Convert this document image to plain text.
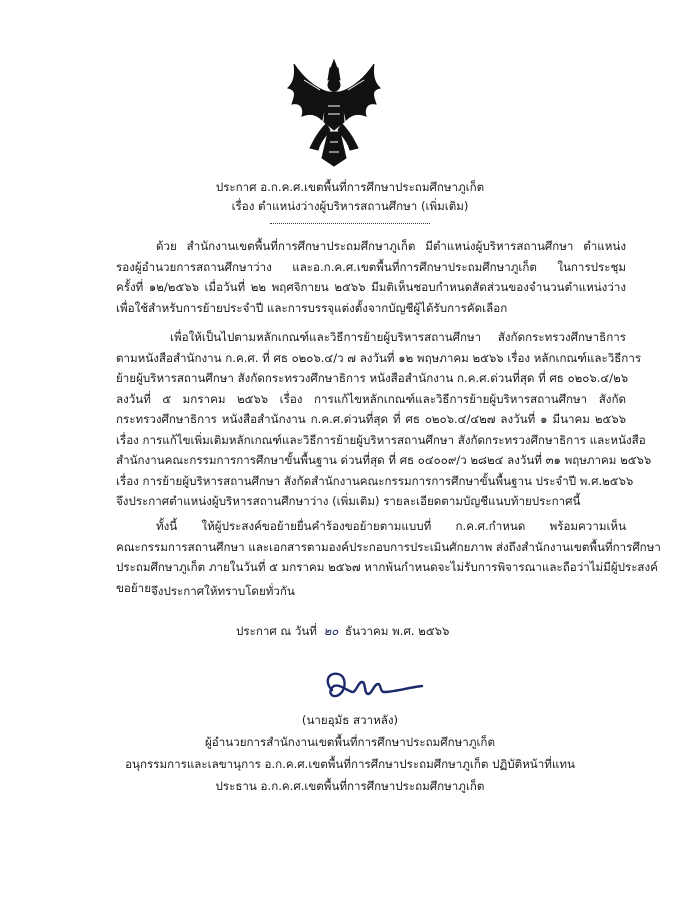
ประกาศ อ.ก.ค.ศ.เขตพื้นที่การศึกษาประถมศึกษาภูเก็ต
เรื่อง ตำแหน่งว่างผู้บริหารสถานศึกษา (เพิ่มเติม)
ด้วย สำนักงานเขตพื้นที่การศึกษาประถมศึกษาภูเก็ต มีตำแหน่งผู้บริหารสถานศึกษา ตำแหน่ง
รองผู้อำนวยการสถานศึกษาว่าง และอ.ก.ค.ศ.เขตพื้นที่การศึกษาประถมศึกษาภูเก็ต ในการประชุม
ครั้งที่ ๑๒/๒๕๖๖ เมื่อวันที่ ๒๒ พฤศจิกายน ๒๕๖๖ มีมติเห็นชอบกำหนดสัดส่วนของจำนวนตำแหน่งว่าง
เพื่อใช้สำหรับการย้ายประจำปี และการบรรจุแต่งตั้งจากบัญชีผู้ได้รับการคัดเลือก
เพื่อให้เป็นไปตามหลักเกณฑ์และวิธีการย้ายผู้บริหารสถานศึกษา สังกัดกระทรวงศึกษาธิการ
ตามหนังสือสำนักงาน ก.ค.ศ. ที่ ศธ ๐๒๐๖.๔/ว ๗ ลงวันที่ ๑๒ พฤษภาคม ๒๕๖๖ เรื่อง หลักเกณฑ์และวิธีการ
ย้ายผู้บริหารสถานศึกษา สังกัดกระทรวงศึกษาธิการ หนังสือสำนักงาน ก.ค.ศ.ด่วนที่สุด ที่ ศธ ๐๒๐๖.๔/๒๖
ลงวันที่ ๕ มกราคม ๒๕๖๖ เรื่อง การแก้ไขหลักเกณฑ์และวิธีการย้ายผู้บริหารสถานศึกษา สังกัด
กระทรวงศึกษาธิการ หนังสือสำนักงาน ก.ค.ศ.ด่วนที่สุด ที่ ศธ ๐๒๐๖.๔/๔๒๗ ลงวันที่ ๑ มีนาคม ๒๕๖๖
เรื่อง การแก้ไขเพิ่มเติมหลักเกณฑ์และวิธีการย้ายผู้บริหารสถานศึกษา สังกัดกระทรวงศึกษาธิการ และหนังสือ
สำนักงานคณะกรรมการการศึกษาขั้นพื้นฐาน ด่วนที่สุด ที่ ศธ ๐๔๐๐๙/ว ๒๘๒๔ ลงวันที่ ๓๑ พฤษภาคม ๒๕๖๖
เรื่อง การย้ายผู้บริหารสถานศึกษา สังกัดสำนักงานคณะกรรมการการศึกษาขั้นพื้นฐาน ประจำปี พ.ศ.๒๕๖๖
จึงประกาศตำแหน่งผู้บริหารสถานศึกษาว่าง (เพิ่มเติม) รายละเอียดตามบัญชีแนบท้ายประกาศนี้
ทั้งนี้ ให้ผู้ประสงค์ขอย้ายยื่นคำร้องขอย้ายตามแบบที่ ก.ค.ศ.กำหนด พร้อมความเห็น
คณะกรรมการสถานศึกษา และเอกสารตามองค์ประกอบการประเมินศักยภาพ ส่งถึงสำนักงานเขตพื้นที่การศึกษา
ประถมศึกษาภูเก็ต ภายในวันที่ ๕ มกราคม ๒๕๖๗ หากพ้นกำหนดจะไม่รับการพิจารณาและถือว่าไม่มีผู้ประสงค์
ขอย้าย จึงประกาศให้ทราบโดยทั่วกัน
ประกาศ ณ วันที่ ๒๐ ธันวาคม พ.ศ. ๒๕๖๖
(นายอุมัธ สวาหลัง)
ผู้อำนวยการสำนักงานเขตพื้นที่การศึกษาประถมศึกษาภูเก็ต
อนุกรรมการและเลขานุการ อ.ก.ค.ศ.เขตพื้นที่การศึกษาประถมศึกษาภูเก็ต ปฏิบัติหน้าที่แทน
ประธาน อ.ก.ค.ศ.เขตพื้นที่การศึกษาประถมศึกษาภูเก็ต
